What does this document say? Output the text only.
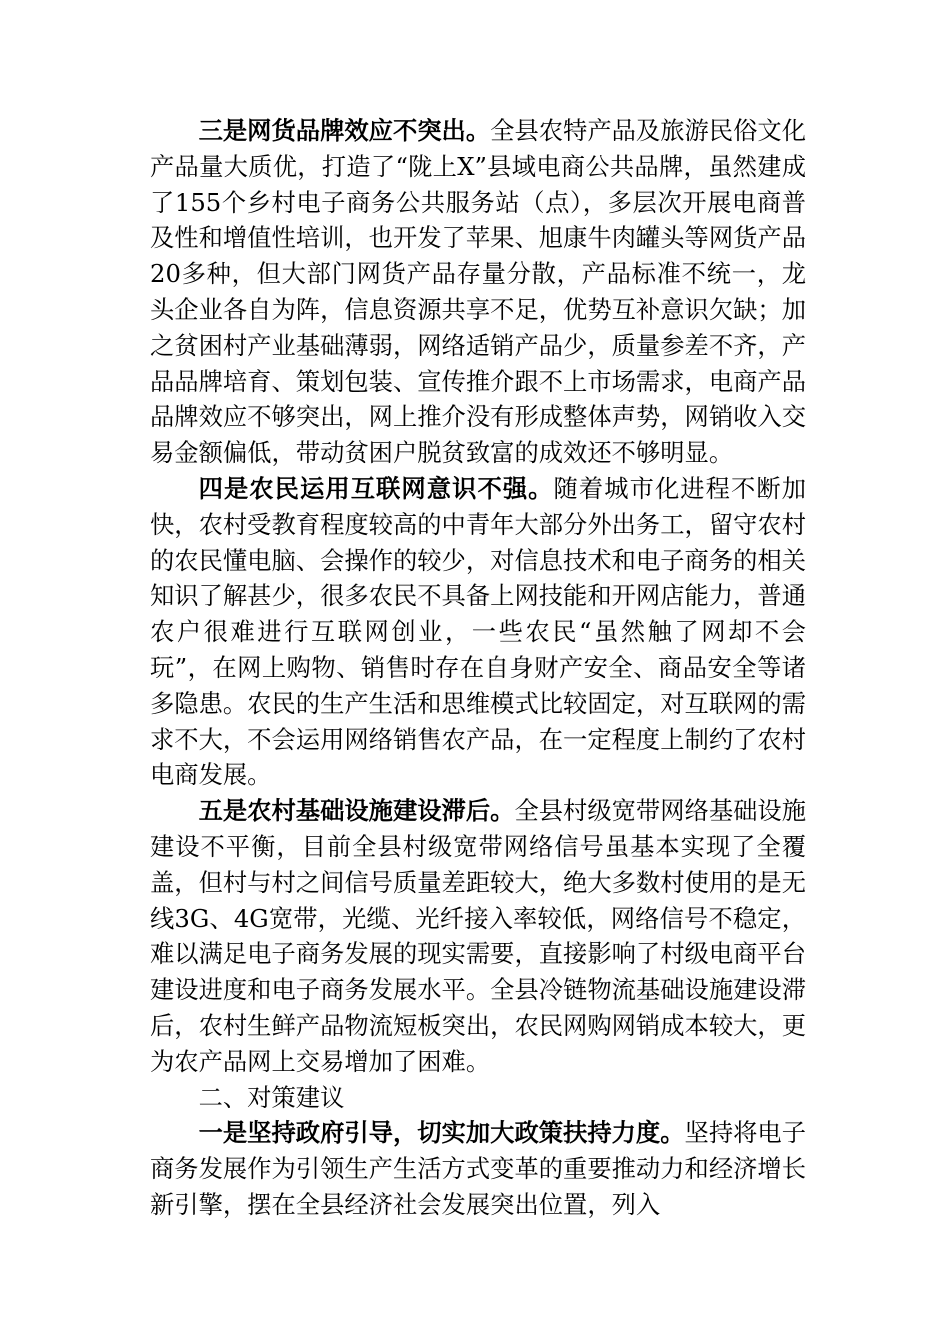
三是网货品牌效应不突出。全县农特产品及旅游民俗文化产品量大质优，打造了“陇上X”县域电商公共品牌，虽然建成了155个乡村电子商务公共服务站（点），多层次开展电商普及性和增值性培训，也开发了苹果、旭康牛肉罐头等网货产品20多种，但大部门网货产品存量分散，产品标准不统一，龙头企业各自为阵，信息资源共享不足，优势互补意识欠缺；加之贫困村产业基础薄弱，网络适销产品少，质量参差不齐，产品品牌培育、策划包装、宣传推介跟不上市场需求，电商产品品牌效应不够突出，网上推介没有形成整体声势，网销收入交易金额偏低，带动贫困户脱贫致富的成效还不够明显。

四是农民运用互联网意识不强。随着城市化进程不断加快，农村受教育程度较高的中青年大部分外出务工，留守农村的农民懂电脑、会操作的较少，对信息技术和电子商务的相关知识了解甚少，很多农民不具备上网技能和开网店能力，普通农户很难进行互联网创业，一些农民“虽然触了网却不会玩”，在网上购物、销售时存在自身财产安全、商品安全等诸多隐患。农民的生产生活和思维模式比较固定，对互联网的需求不大，不会运用网络销售农产品，在一定程度上制约了农村电商发展。

五是农村基础设施建设滞后。全县村级宽带网络基础设施建设不平衡，目前全县村级宽带网络信号虽基本实现了全覆盖，但村与村之间信号质量差距较大，绝大多数村使用的是无线3G、4G宽带，光缆、光纤接入率较低，网络信号不稳定，难以满足电子商务发展的现实需要，直接影响了村级电商平台建设进度和电子商务发展水平。全县冷链物流基础设施建设滞后，农村生鲜产品物流短板突出，农民网购网销成本较大，更为农产品网上交易增加了困难。

二、对策建议

一是坚持政府引导，切实加大政策扶持力度。坚持将电子商务发展作为引领生产生活方式变革的重要推动力和经济增长新引擎，摆在全县经济社会发展突出位置，列入
